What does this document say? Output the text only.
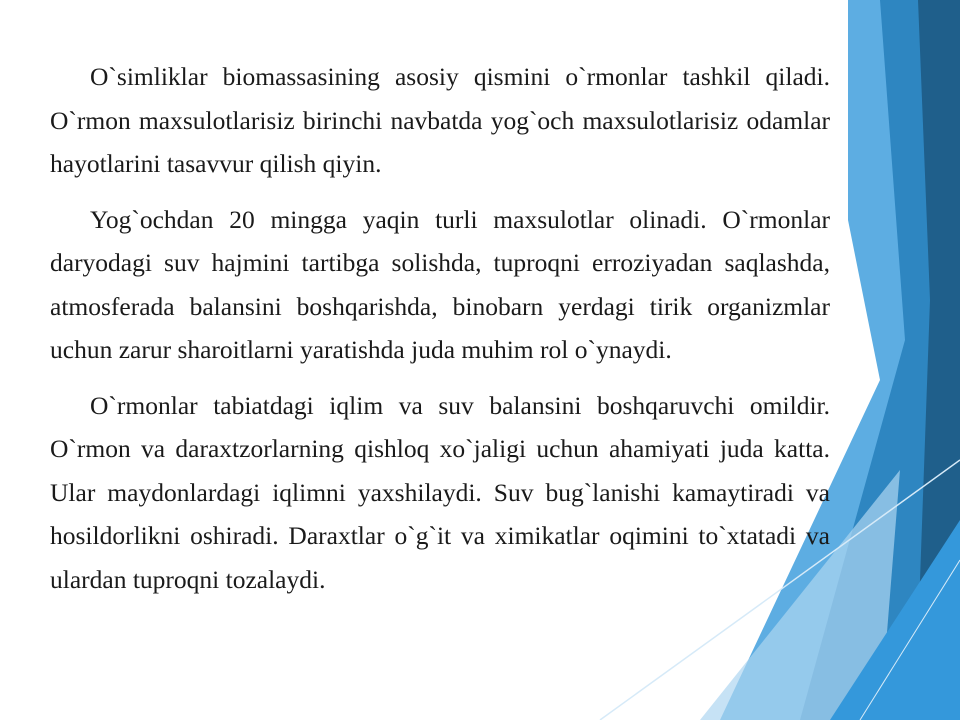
O`simliklar biomassasining asosiy qismini o`rmonlar tashkil qiladi. O`rmon maxsulotlarisiz birinchi navbatda yog`och maxsulotlarisiz odamlar hayotlarini tasavvur qilish qiyin.

Yog`ochdan 20 mingga yaqin turli maxsulotlar olinadi. O`rmonlar daryodagi suv hajmini tartibga solishda, tuproqni erroziyadan saqlashda, atmosferada balansini boshqarishda, binobarn yerdagi tirik organizmlar uchun zarur sharoitlarni yaratishda juda muhim rol o`ynaydi.

O`rmonlar tabiatdagi iqlim va suv balansini boshqaruvchi omildir. O`rmon va daraxtzorlarning qishloq xo`jaligi uchun ahamiyati juda katta. Ular maydonlardagi iqlimni yaxshilaydi. Suv bug`lanishi kamaytiradi va hosildorlikni oshiradi. Daraxtlar o`g`it va ximikatlar oqimini to`xtatadi va ulardan tuproqni tozalaydi.
